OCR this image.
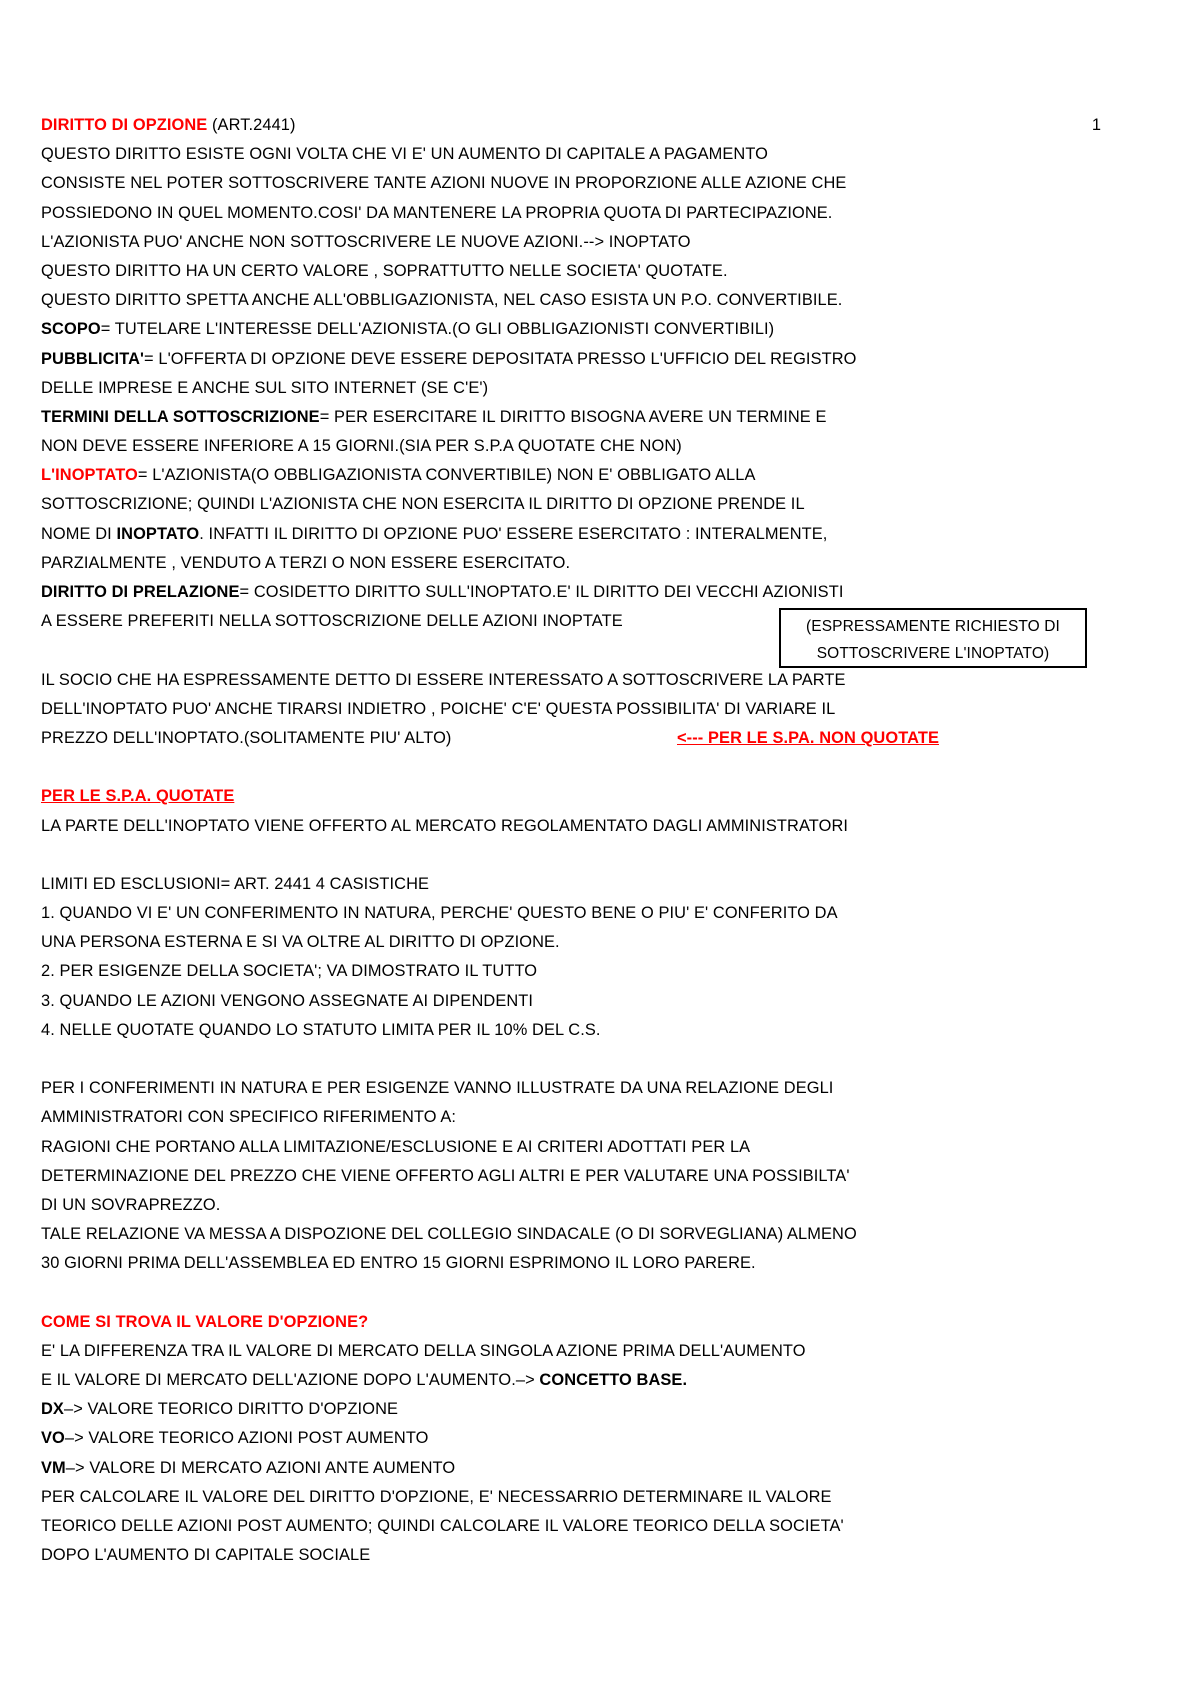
1
DIRITTO DI OPZIONE (ART.2441)
QUESTO DIRITTO ESISTE OGNI VOLTA CHE VI E' UN AUMENTO DI CAPITALE A PAGAMENTO
CONSISTE NEL POTER SOTTOSCRIVERE TANTE AZIONI NUOVE IN PROPORZIONE ALLE AZIONE CHE
POSSIEDONO IN QUEL MOMENTO.COSI' DA MANTENERE LA PROPRIA QUOTA DI PARTECIPAZIONE.
L'AZIONISTA PUO' ANCHE NON SOTTOSCRIVERE LE NUOVE AZIONI.--> INOPTATO
QUESTO DIRITTO HA UN CERTO VALORE , SOPRATTUTTO NELLE SOCIETA' QUOTATE.
QUESTO DIRITTO SPETTA ANCHE ALL'OBBLIGAZIONISTA, NEL CASO ESISTA UN P.O. CONVERTIBILE.
SCOPO= TUTELARE L'INTERESSE DELL'AZIONISTA.(O GLI OBBLIGAZIONISTI CONVERTIBILI)
PUBBLICITA'= L'OFFERTA DI OPZIONE DEVE ESSERE DEPOSITATA PRESSO L'UFFICIO DEL REGISTRO
DELLE IMPRESE E ANCHE SUL SITO INTERNET (SE C'E')
TERMINI DELLA SOTTOSCRIZIONE= PER ESERCITARE IL DIRITTO BISOGNA AVERE UN TERMINE E
NON DEVE ESSERE INFERIORE A 15 GIORNI.(SIA PER S.P.A QUOTATE CHE NON)
L'INOPTATO= L'AZIONISTA(O OBBLIGAZIONISTA CONVERTIBILE) NON E' OBBLIGATO ALLA
SOTTOSCRIZIONE; QUINDI L'AZIONISTA CHE NON ESERCITA IL DIRITTO DI OPZIONE PRENDE IL
NOME DI INOPTATO. INFATTI IL DIRITTO DI OPZIONE PUO' ESSERE ESERCITATO : INTERALMENTE,
PARZIALMENTE , VENDUTO A TERZI O NON ESSERE ESERCITATO.
DIRITTO DI PRELAZIONE= COSIDETTO DIRITTO SULL'INOPTATO.E' IL DIRITTO DEI VECCHI AZIONISTI
A ESSERE PREFERITI NELLA SOTTOSCRIZIONE DELLE AZIONI INOPTATE	(ESPRESSAMENTE RICHIESTO DI
SOTTOSCRIVERE L'INOPTATO)
IL SOCIO CHE HA ESPRESSAMENTE DETTO DI ESSERE INTERESSATO A SOTTOSCRIVERE LA PARTE
DELL'INOPTATO PUO' ANCHE TIRARSI INDIETRO , POICHE' C'E' QUESTA POSSIBILITA' DI VARIARE IL
PREZZO DELL'INOPTATO.(SOLITAMENTE PIU' ALTO)	<--- PER LE S.PA. NON QUOTATE
PER LE S.P.A. QUOTATE
LA PARTE DELL'INOPTATO VIENE OFFERTO AL MERCATO REGOLAMENTATO DAGLI AMMINISTRATORI
LIMITI ED ESCLUSIONI= ART. 2441 4 CASISTICHE
1. QUANDO VI E' UN CONFERIMENTO IN NATURA, PERCHE' QUESTO BENE O PIU' E' CONFERITO DA
UNA PERSONA ESTERNA E SI VA OLTRE AL DIRITTO DI OPZIONE.
2. PER ESIGENZE DELLA SOCIETA'; VA DIMOSTRATO IL TUTTO
3. QUANDO LE AZIONI VENGONO ASSEGNATE AI DIPENDENTI
4. NELLE QUOTATE QUANDO LO STATUTO LIMITA PER IL 10% DEL C.S.
PER I CONFERIMENTI IN NATURA E PER ESIGENZE VANNO ILLUSTRATE DA UNA RELAZIONE DEGLI
AMMINISTRATORI CON SPECIFICO RIFERIMENTO A:
RAGIONI CHE PORTANO ALLA LIMITAZIONE/ESCLUSIONE E AI CRITERI ADOTTATI PER LA
DETERMINAZIONE DEL PREZZO CHE VIENE OFFERTO AGLI ALTRI E PER VALUTARE UNA POSSIBILTA'
DI UN SOVRAPREZZO.
TALE RELAZIONE VA MESSA A DISPOZIONE DEL COLLEGIO SINDACALE (O DI SORVEGLIANA) ALMENO
30 GIORNI PRIMA DELL'ASSEMBLEA ED ENTRO 15 GIORNI ESPRIMONO IL LORO PARERE.
COME SI TROVA IL VALORE D'OPZIONE?
E' LA DIFFERENZA TRA IL VALORE DI MERCATO DELLA SINGOLA AZIONE PRIMA DELL'AUMENTO
E IL VALORE DI MERCATO DELL'AZIONE DOPO L'AUMENTO.–> CONCETTO BASE.
DX–> VALORE TEORICO DIRITTO D'OPZIONE
VO–> VALORE TEORICO AZIONI POST AUMENTO
VM–> VALORE DI MERCATO AZIONI ANTE AUMENTO
PER CALCOLARE IL VALORE DEL DIRITTO D'OPZIONE, E' NECESSARRIO DETERMINARE IL VALORE
TEORICO DELLE AZIONI POST AUMENTO; QUINDI CALCOLARE IL VALORE TEORICO DELLA SOCIETA'
DOPO L'AUMENTO DI CAPITALE SOCIALE
